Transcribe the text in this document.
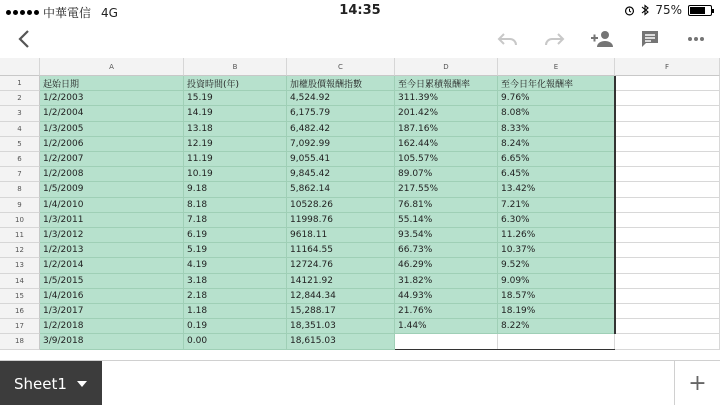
中華電信 4G	14:35	75%
A	B	C	D	E	F
1	起始日期	投資時間(年)	加權股價報酬指數	至今日累積報酬率	至今日年化報酬率
2	1/2/2003	15.19	4,524.92	311.39%	9.76%
3	1/2/2004	14.19	6,175.79	201.42%	8.08%
4	1/3/2005	13.18	6,482.42	187.16%	8.33%
5	1/2/2006	12.19	7,092.99	162.44%	8.24%
6	1/2/2007	11.19	9,055.41	105.57%	6.65%
7	1/2/2008	10.19	9,845.42	89.07%	6.45%
8	1/5/2009	9.18	5,862.14	217.55%	13.42%
9	1/4/2010	8.18	10528.26	76.81%	7.21%
10	1/3/2011	7.18	11998.76	55.14%	6.30%
11	1/3/2012	6.19	9618.11	93.54%	11.26%
12	1/2/2013	5.19	11164.55	66.73%	10.37%
13	1/2/2014	4.19	12724.76	46.29%	9.52%
14	1/5/2015	3.18	14121.92	31.82%	9.09%
15	1/4/2016	2.18	12,844.34	44.93%	18.57%
16	1/3/2017	1.18	15,288.17	21.76%	18.19%
17	1/2/2018	0.19	18,351.03	1.44%	8.22%
18	3/9/2018	0.00	18,615.03
Sheet1	+
